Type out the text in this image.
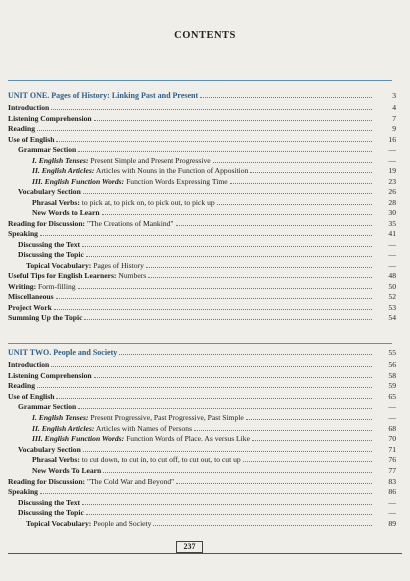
CONTENTS
UNIT ONE. Pages of History: Linking Past and Present	3
Introduction	4
Listening Comprehension	7
Reading	9
Use of English	16
Grammar Section	—
I. English Tenses: Present Simple and Present Progressive	—
II. English Articles: Articles with Nouns in the Function of Apposition	19
III. English Function Words: Function Words Expressing Time	23
Vocabulary Section	26
Phrasal Verbs: to pick at, to pick on, to pick out, to pick up	28
New Words to Learn	30
Reading for Discussion: "The Creations of Mankind"	35
Speaking	41
Discussing the Text	—
Discussing the Topic	—
Topical Vocabulary: Pages of History	—
Useful Tips for English Learners: Numbers	48
Writing: Form-filling	50
Miscellaneous	52
Project Work	53
Summing Up the Topic	54
UNIT TWO. People and Society	55
Introduction	56
Listening Comprehension	58
Reading	59
Use of English	65
Grammar Section	—
I. English Tenses: Present Progressive, Past Progressive, Past Simple	—
II. English Articles: Articles with Names of Persons	68
III. English Function Words: Function Words of Place. As versus Like	70
Vocabulary Section	71
Phrasal Verbs: to cut down, to cut in, to cut off, to cut out, to cut up	76
New Words To Learn	77
Reading for Discussion: "The Cold War and Beyond"	83
Speaking	86
Discussing the Text	—
Discussing the Topic	—
Topical Vocabulary: People and Society	89
237
